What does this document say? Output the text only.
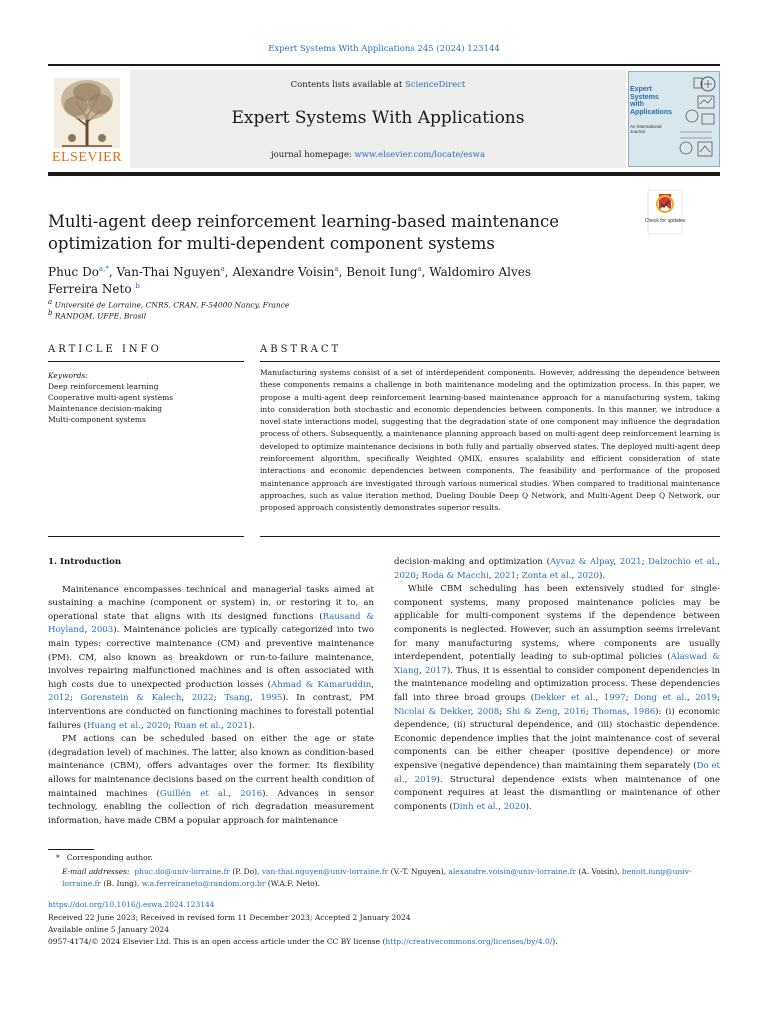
Expert Systems With Applications 245 (2024) 123144
Contents lists available at ScienceDirect
Expert Systems With Applications
journal homepage: www.elsevier.com/locate/eswa
ELSEVIER
Expert Systems with Applications
An International Journal
Multi-agent deep reinforcement learning-based maintenance optimization for multi-dependent component systems
Check for updates
Phuc $Do^{a,*}$, Van-Thai Nguyen$^a$, Alexandre Voisin$^a$, Benoit Iung$^a$, Waldomiro Alves
Ferreira Neto $^b$
a Université de Lorraine, CNRS, CRAN, F-54000 Nancy, France
b RANDOM, UFPE, Brasil
ARTICLE INFO	ABSTRACT
Keywords:
Deep reinforcement learning
Cooperative multi-agent systems
Maintenance decision-making
Multi-component systems
Manufacturing systems consist of a set of interdependent components. However, addressing the dependence between these components remains a challenge in both maintenance modeling and the optimization process. In this paper, we propose a multi-agent deep reinforcement learning-based maintenance approach for a manufacturing system, taking into consideration both stochastic and economic dependencies between components. In this manner, we introduce a novel state interactions model, suggesting that the degradation state of one component may influence the degradation process of others. Subsequently, a maintenance planning approach based on multi-agent deep reinforcement learning is developed to optimize maintenance decisions in both fully and partially observed states. The deployed multi-agent deep reinforcement algorithm, specifically Weighted QMIX, ensures scalability and efficient consideration of state interactions and economic dependencies between components. The feasibility and performance of the proposed maintenance approach are investigated through various numerical studies. When compared to traditional maintenance approaches, such as value iteration method, Dueling Double Deep Q Network, and Multi-Agent Deep Q Network, our proposed approach consistently demonstrates superior results.
1. Introduction

Maintenance encompasses technical and managerial tasks aimed at sustaining a machine (component or system) in, or restoring it to, an operational state that aligns with its designed functions (Rausand & Hoyland, 2003). Maintenance policies are typically categorized into two main types: corrective maintenance (CM) and preventive maintenance (PM). CM, also known as breakdown or run-to-failure maintenance, involves repairing malfunctioned machines and is often associated with high costs due to unexpected production losses (Ahmad & Kamaruddin, 2012; Gorenstein & Kalech, 2022; Tsang, 1995). In contrast, PM interventions are conducted on functioning machines to forestall potential failures (Huang et al., 2020; Ruan et al., 2021).

PM actions can be scheduled based on either the age or state (degradation level) of machines. The latter, also known as condition-based maintenance (CBM), offers advantages over the former. Its flexibility allows for maintenance decisions based on the current health condition of maintained machines (Guillén et al., 2016). Advances in sensor technology, enabling the collection of rich degradation measurement information, have made CBM a popular approach for maintenance

decision-making and optimization (Ayvaz & Alpay, 2021; Dalzochio et al., 2020; Roda & Macchi, 2021; Zonta et al., 2020).

While CBM scheduling has been extensively studied for single-component systems, many proposed maintenance policies may be applicable for multi-component systems if the dependence between components is neglected. However, such an assumption seems irrelevant for many manufacturing systems, where components are usually interdependent, potentially leading to sub-optimal policies (Alaswad & Xiang, 2017). Thus, it is essential to consider component dependencies in the maintenance modeling and optimization process. These dependencies fall into three broad groups (Dekker et al., 1997; Dong et al., 2019; Nicolai & Dekker, 2008; Shi & Zeng, 2016; Thomas, 1986): (i) economic dependence, (ii) structural dependence, and (iii) stochastic dependence. Economic dependence implies that the joint maintenance cost of several components can be either cheaper (positive dependence) or more expensive (negative dependence) than maintaining them separately (Do et al., 2019). Structural dependence exists when maintenance of one component requires at least the dismantling or maintenance of other components (Dinh et al., 2020).

* Corresponding author.
E-mail addresses: phuc.do@univ-lorraine.fr (P. Do), van-thai.nguyen@univ-lorraine.fr (V.-T. Nguyen), alexandre.voisin@univ-lorraine.fr (A. Voisin), benoit.iung@univ-lorraine.fr (B. Iung), w.a.ferreiraneto@random.org.br (W.A.F. Neto).
https://doi.org/10.1016/j.eswa.2024.123144
Received 22 June 2023; Received in revised form 11 December 2023; Accepted 2 January 2024
Available online 5 January 2024
0957-4174/© 2024 Elsevier Ltd. This is an open access article under the CC BY license (http://creativecommons.org/licenses/by/4.0/).
